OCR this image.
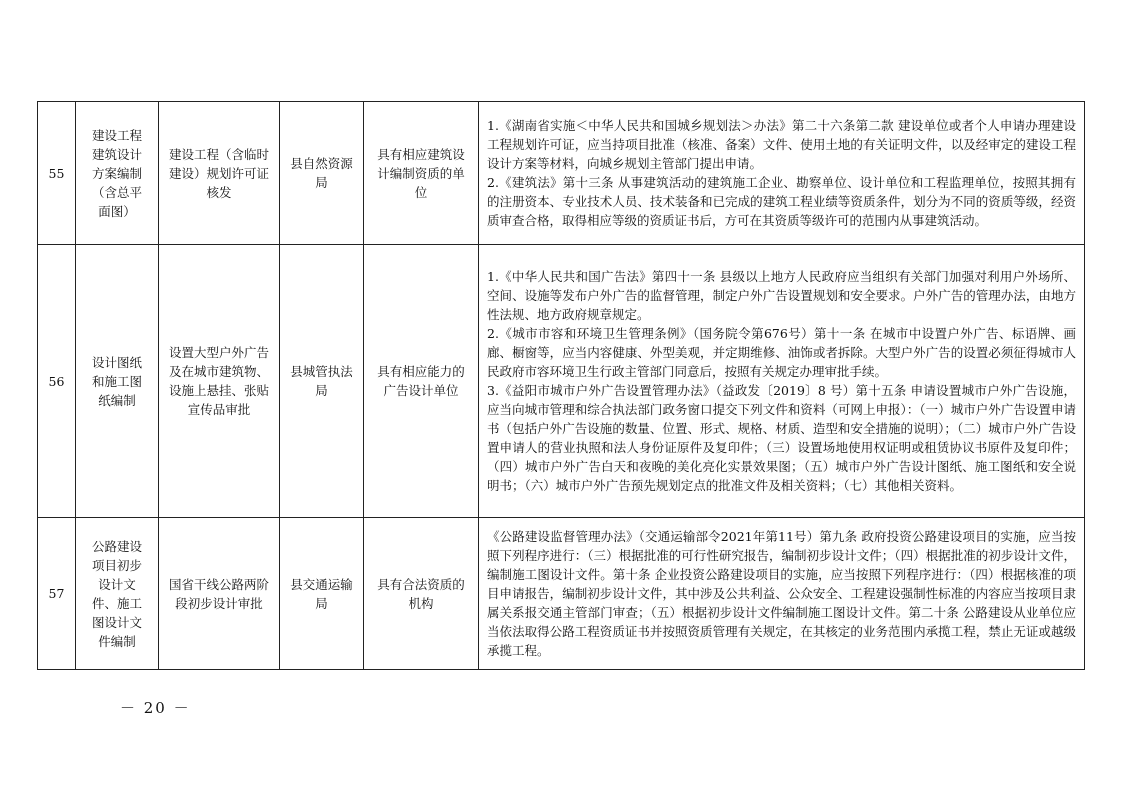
55	建设工程建筑设计方案编制（含总平面图）	建设工程（含临时建设）规划许可证核发	县自然资源局	具有相应建筑设计编制资质的单位	1.《湖南省实施＜中华人民共和国城乡规划法＞办法》第二十六条第二款 建设单位或者个人申请办理建设工程规划许可证，应当持项目批准（核准、备案）文件、使用土地的有关证明文件，以及经审定的建设工程设计方案等材料，向城乡规划主管部门提出申请。

2.《建筑法》第十三条 从事建筑活动的建筑施工企业、勘察单位、设计单位和工程监理单位，按照其拥有的注册资本、专业技术人员、技术装备和已完成的建筑工程业绩等资质条件，划分为不同的资质等级，经资质审查合格，取得相应等级的资质证书后，方可在其资质等级许可的范围内从事建筑活动。

56	设计图纸和施工图纸编制	设置大型户外广告及在城市建筑物、设施上悬挂、张贴宣传品审批	县城管执法局	具有相应能力的广告设计单位	1.《中华人民共和国广告法》第四十一条 县级以上地方人民政府应当组织有关部门加强对利用户外场所、空间、设施等发布户外广告的监督管理，制定户外广告设置规划和安全要求。户外广告的管理办法，由地方性法规、地方政府规章规定。

2.《城市市容和环境卫生管理条例》（国务院令第676号）第十一条 在城市中设置户外广告、标语牌、画廊、橱窗等，应当内容健康、外型美观，并定期维修、油饰或者拆除。大型户外广告的设置必须征得城市人民政府市容环境卫生行政主管部门同意后，按照有关规定办理审批手续。

3.《益阳市城市户外广告设置管理办法》（益政发〔2019〕8 号）第十五条 申请设置城市户外广告设施，应当向城市管理和综合执法部门政务窗口提交下列文件和资料（可网上申报）：（一）城市户外广告设置申请书（包括户外广告设施的数量、位置、形式、规格、材质、造型和安全措施的说明）；（二）城市户外广告设置申请人的营业执照和法人身份证原件及复印件；（三）设置场地使用权证明或租赁协议书原件及复印件；（四）城市户外广告白天和夜晚的美化亮化实景效果图；（五）城市户外广告设计图纸、施工图纸和安全说明书；（六）城市户外广告预先规划定点的批准文件及相关资料；（七）其他相关资料。

57	公路建设项目初步设计文件、施工图设计文件编制	国省干线公路两阶段初步设计审批	县交通运输局	具有合法资质的机构	《公路建设监督管理办法》（交通运输部令2021年第11号）第九条 政府投资公路建设项目的实施，应当按照下列程序进行：（三）根据批准的可行性研究报告，编制初步设计文件；（四）根据批准的初步设计文件，编制施工图设计文件。第十条 企业投资公路建设项目的实施，应当按照下列程序进行：（四）根据核准的项目申请报告，编制初步设计文件，其中涉及公共利益、公众安全、工程建设强制性标准的内容应当按项目隶属关系报交通主管部门审查；（五）根据初步设计文件编制施工图设计文件。第二十条 公路建设从业单位应当依法取得公路工程资质证书并按照资质管理有关规定，在其核定的业务范围内承揽工程，禁止无证或越级承揽工程。

－ 20 －
